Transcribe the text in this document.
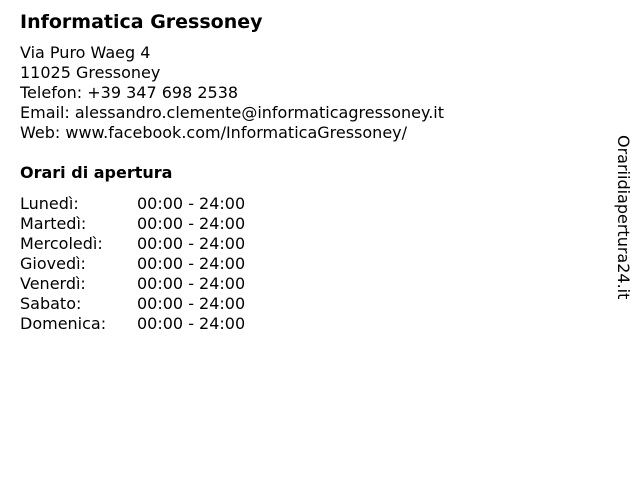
Informatica Gressoney
Via Puro Waeg 4
11025 Gressoney
Telefon: +39 347 698 2538
Email: alessandro.clemente@informaticagressoney.it
Web: www.facebook.com/InformaticaGressoney/
Orari di apertura
Lunedì:	00:00 - 24:00
Martedì:	00:00 - 24:00
Mercoledì: 00:00 - 24:00
Giovedì:	00:00 - 24:00
Venerdì:	00:00 - 24:00
Sabato:	00:00 - 24:00
Domenica: 00:00 - 24:00
Orariidiapertura24.it
